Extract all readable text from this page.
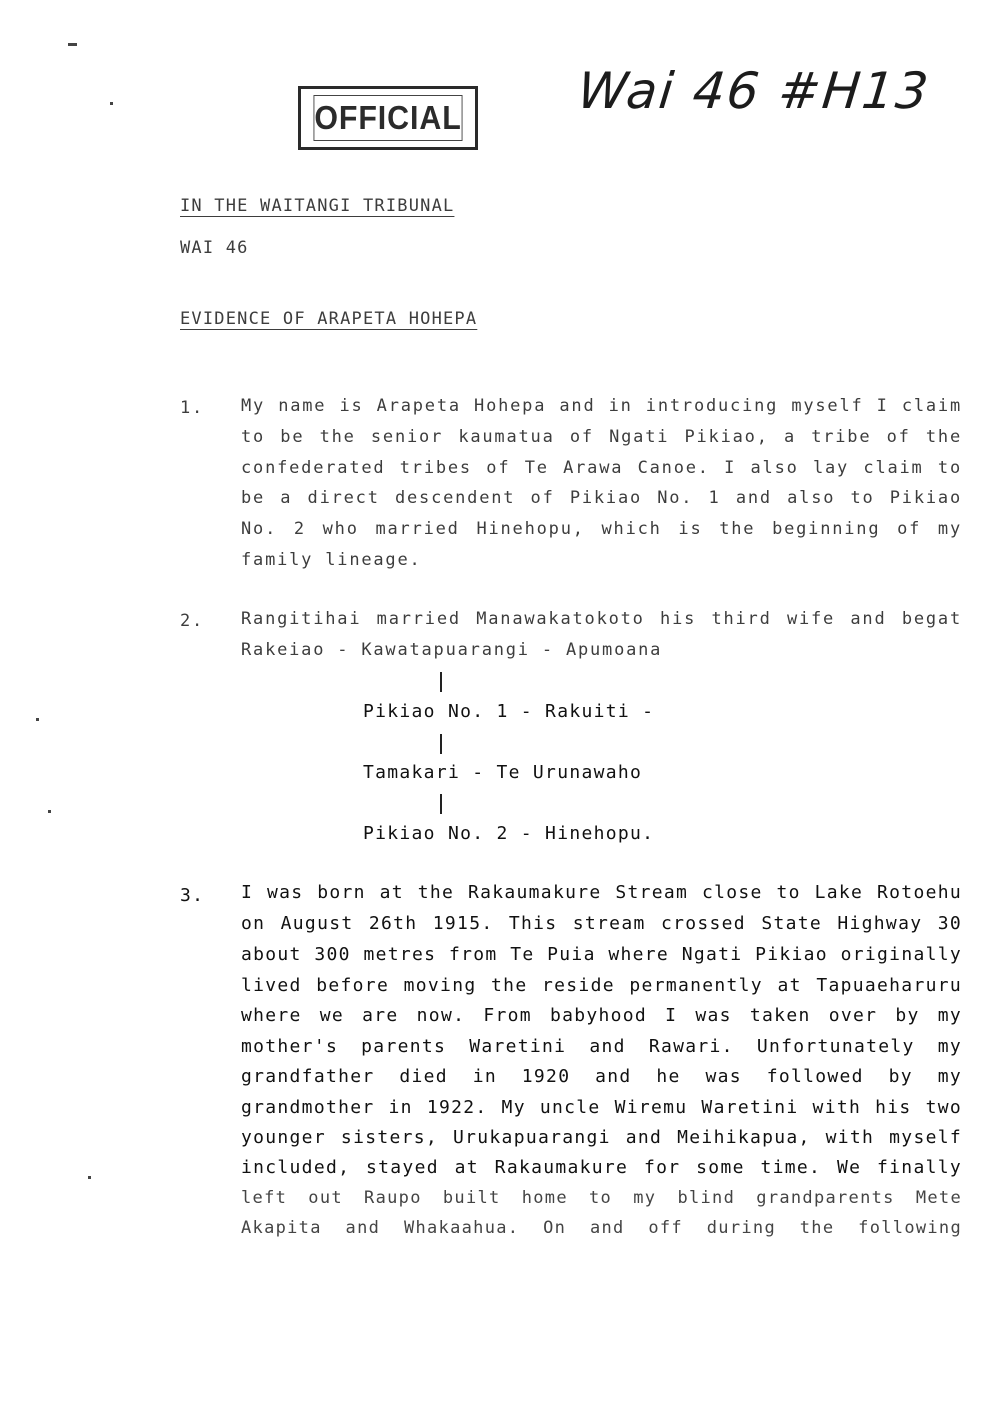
OFFICIAL Wai 46 #H13
IN THE WAITANGI TRIBUNAL
WAI 46
EVIDENCE OF ARAPETA HOHEPA
1. My name is Arapeta Hohepa and in introducing myself I claim
to be the senior kaumatua of Ngati Pikiao, a tribe of the
confederated tribes of Te Arawa Canoe. I also lay claim to
be a direct descendent of Pikiao No. 1 and also to Pikiao
No. 2 who married Hinehopu, which is the beginning of my
family lineage.
2. Rangitihai married Manawakatokoto his third wife and begat
Rakeiao - Kawatapuarangi - Apumoana
Pikiao No. 1 - Rakuiti -
Tamakari - Te Urunawaho
Pikiao No. 2 - Hinehopu.
3. I was born at the Rakaumakure Stream close to Lake Rotoehu
on August 26th 1915. This stream crossed State Highway 30
about 300 metres from Te Puia where Ngati Pikiao originally
lived before moving the reside permanently at Tapuaeharuru
where we are now. From babyhood I was taken over by my
mother's parents Waretini and Rawari. Unfortunately my
grandfather died in 1920 and he was followed by my
grandmother in 1922. My uncle Wiremu Waretini with his two
younger sisters, Urukapuarangi and Meihikapua, with myself
included, stayed at Rakaumakure for some time. We finally
left out Raupo built home to my blind grandparents Mete
Akapita and Whakaahua. On and off during the following
